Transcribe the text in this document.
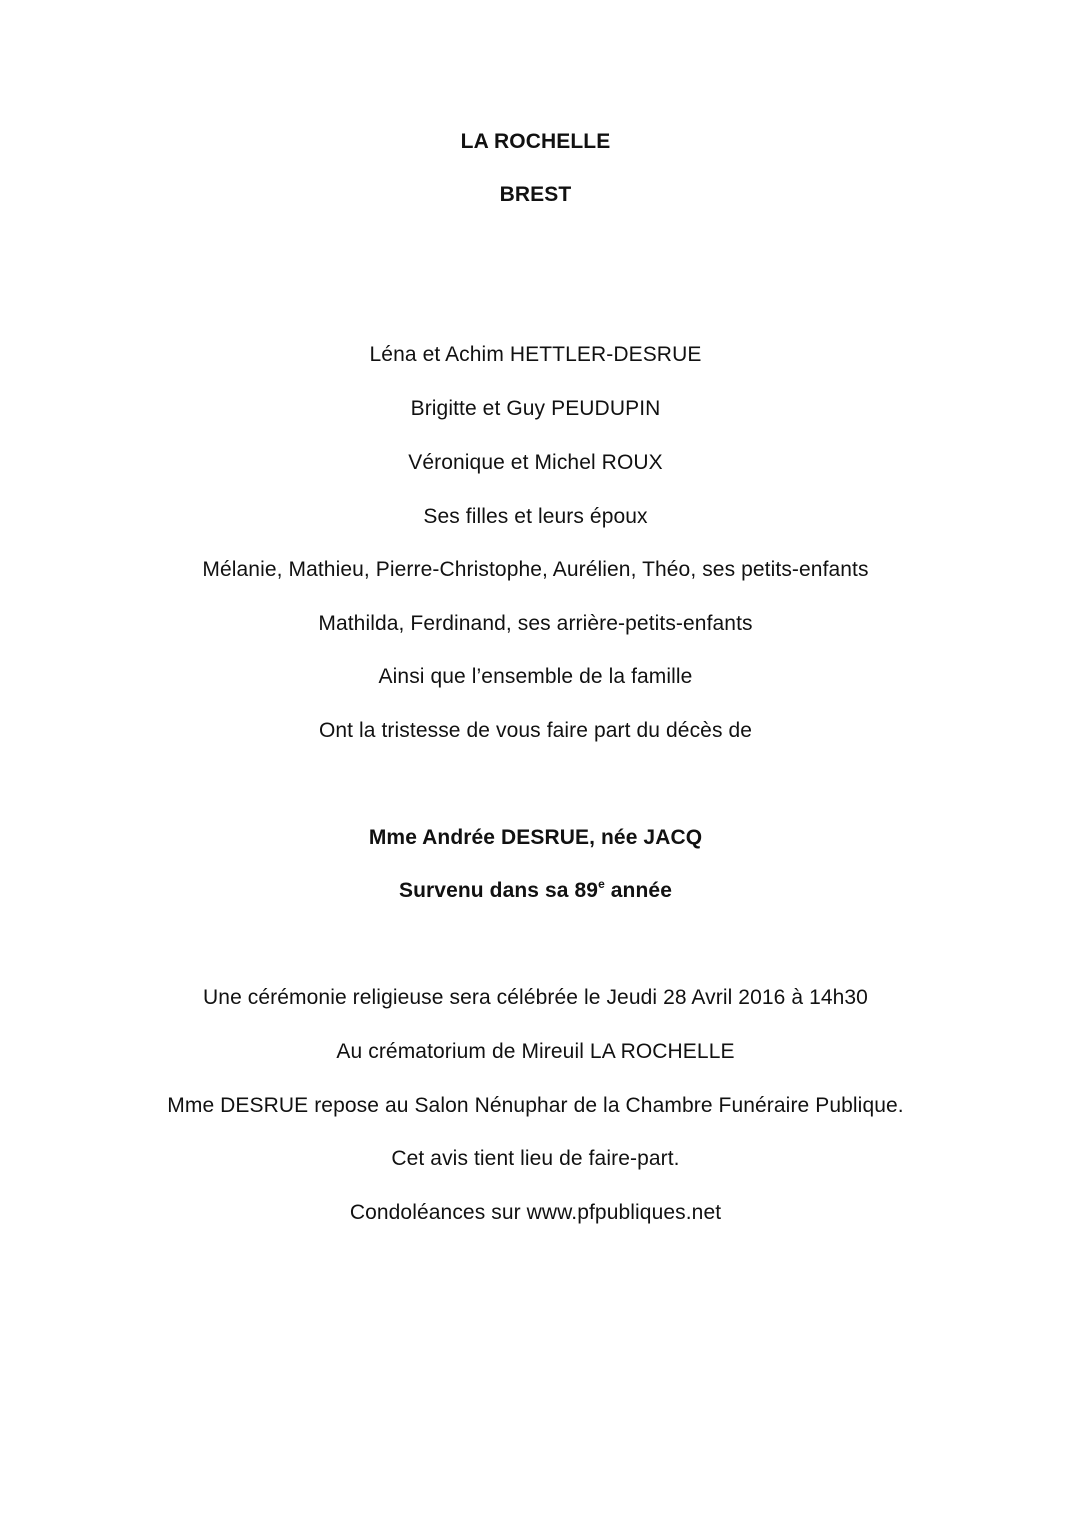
LA ROCHELLE
BREST
Léna et Achim HETTLER-DESRUE
Brigitte et Guy PEUDUPIN
Véronique et Michel ROUX
Ses filles et leurs époux
Mélanie, Mathieu, Pierre-Christophe, Aurélien, Théo, ses petits-enfants
Mathilda, Ferdinand, ses arrière-petits-enfants
Ainsi que l’ensemble de la famille
Ont la tristesse de vous faire part du décès de
Mme Andrée DESRUE, née JACQ
Survenu dans sa 89e année
Une cérémonie religieuse sera célébrée le Jeudi 28 Avril 2016 à 14h30
Au crématorium de Mireuil LA ROCHELLE
Mme DESRUE repose au Salon Nénuphar de la Chambre Funéraire Publique.
Cet avis tient lieu de faire-part.
Condoléances sur www.pfpubliques.net
